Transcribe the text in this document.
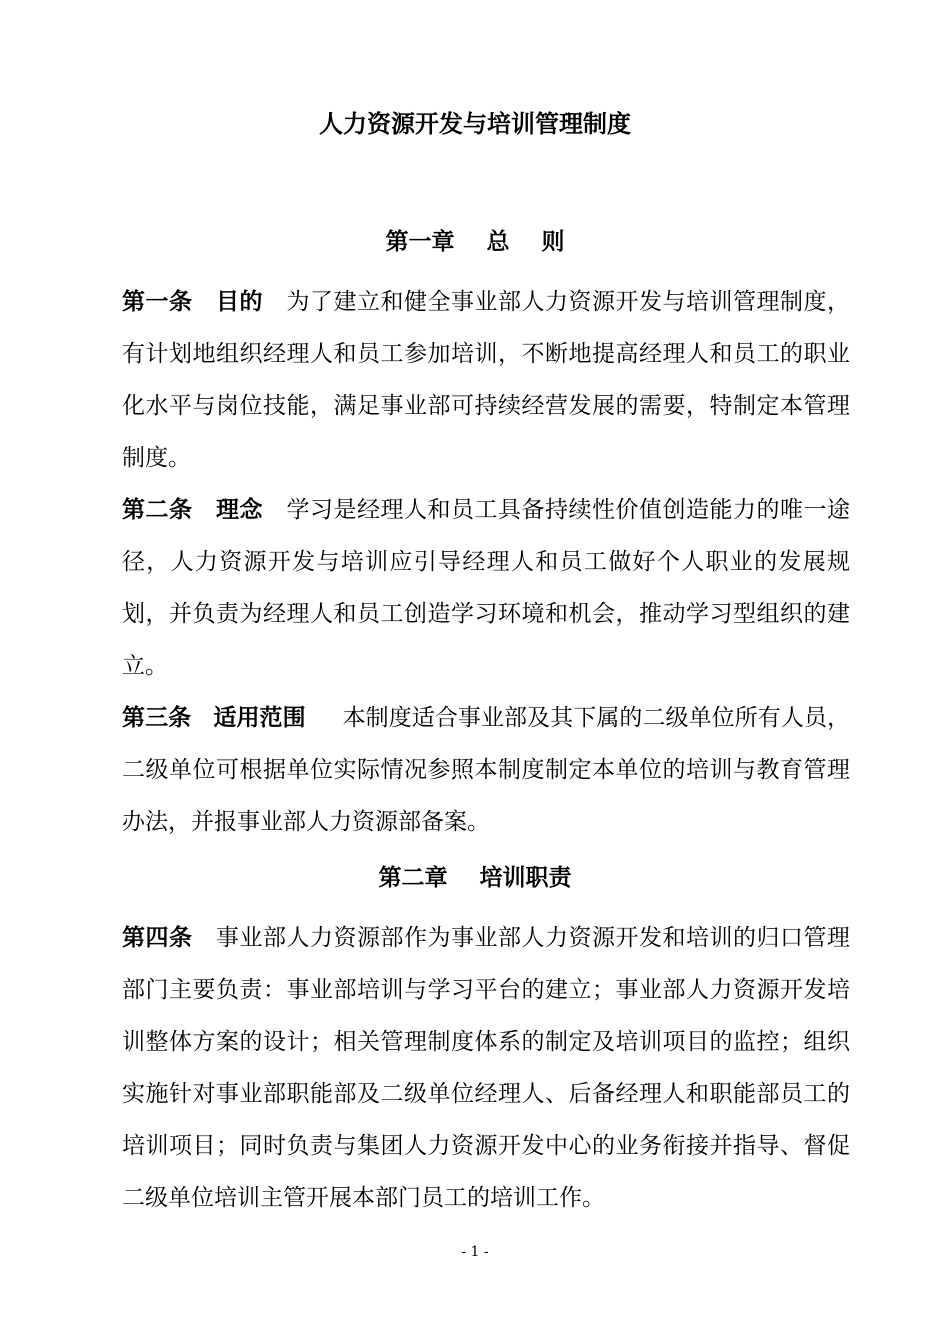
人力资源开发与培训管理制度
第一章    总    则

第一条 目的 为了建立和健全事业部人力资源开发与培训管理制度，有计划地组织经理人和员工参加培训，不断地提高经理人和员工的职业化水平与岗位技能，满足事业部可持续经营发展的需要，特制定本管理制度。

第二条 理念 学习是经理人和员工具备持续性价值创造能力的唯一途径，人力资源开发与培训应引导经理人和员工做好个人职业的发展规划，并负责为经理人和员工创造学习环境和机会，推动学习型组织的建立。

第三条 适用范围 本制度适合事业部及其下属的二级单位所有人员，二级单位可根据单位实际情况参照本制度制定本单位的培训与教育管理办法，并报事业部人力资源部备案。

第二章    培训职责

第四条 事业部人力资源部作为事业部人力资源开发和培训的归口管理部门主要负责：事业部培训与学习平台的建立；事业部人力资源开发培训整体方案的设计；相关管理制度体系的制定及培训项目的监控；组织实施针对事业部职能部及二级单位经理人、后备经理人和职能部员工的培训项目；同时负责与集团人力资源开发中心的业务衔接并指导、督促二级单位培训主管开展本部门员工的培训工作。

- 1 -
